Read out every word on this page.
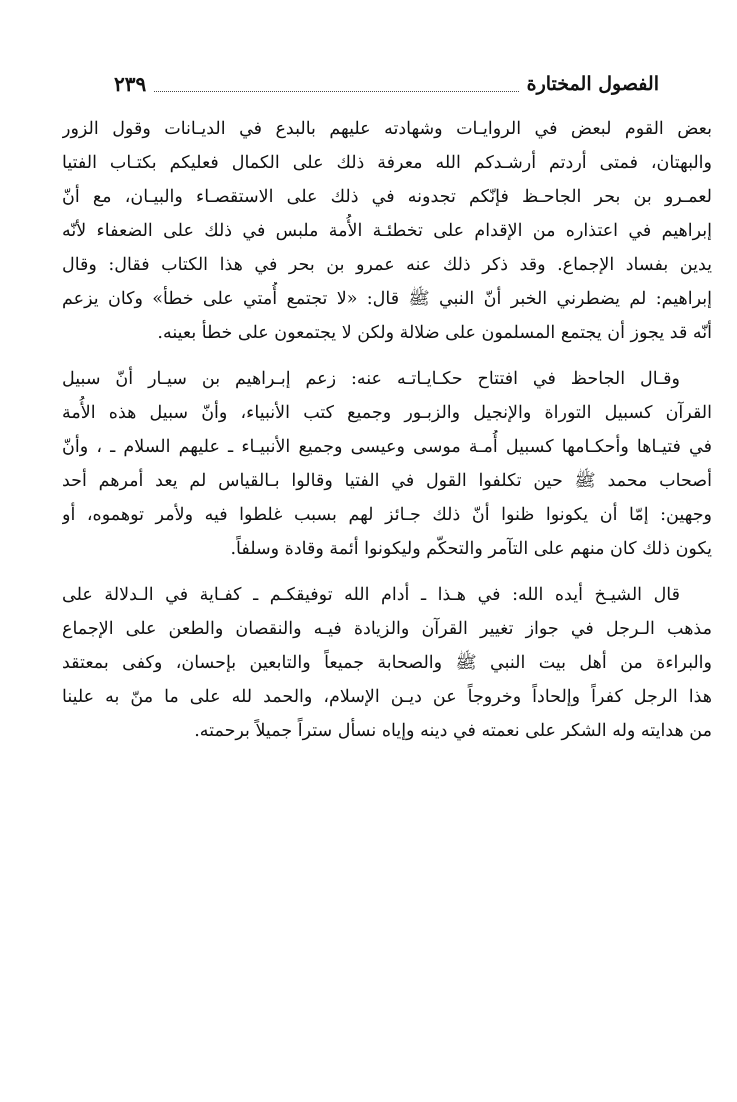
الفصول المختارة
٢٣٩
بعض القوم لبعض في الروايـات وشهادته عليهم بالبدع في الديـانات وقول الزور
والبهتان، فمتى أردتم أرشـدكم الله معرفة ذلك على الكمال فعليكم بكتـاب الفتيا
لعمـرو بن بحر الجاحـظ فإنّكم تجدونه في ذلك على الاستقصـاء والبيـان، مع أنّ
إبراهيم في اعتذاره من الإقدام على تخطئـة الأُمة ملبس في ذلك على الضعفاء لأنّه
يدين بفساد الإجماع. وقد ذكر ذلك عنه عمرو بن بحر في هذا الكتاب فقال: وقال
إبراهيم: لم يضطرني الخبر أنّ النبي ﷺ قال: «لا تجتمع أُمتي على خطأ» وكان يزعم
أنّه قد يجوز أن يجتمع المسلمون على ضلالة ولكن لا يجتمعون على خطأ بعينه.
وقـال الجاحظ في افتتاح حكـايـاتـه عنه: زعم إبـراهيم بن سيـار أنّ سبيل
القرآن كسبيل التوراة والإنجيل والزبـور وجميع كتب الأنبياء، وأنّ سبيل هذه الأُمة
في فتيـاها وأحكـامها كسبيل أُمـة موسى وعيسى وجميع الأنبيـاء ـ عليهم السلام ـ ، وأنّ
أصحاب محمد ﷺ حين تكلفوا القول في الفتيا وقالوا بـالقياس لم يعد أمرهم أحد
وجهين: إمّا أن يكونوا ظنوا أنّ ذلك جـائز لهم بسبب غلطوا فيه ولأمر توهموه، أو
يكون ذلك كان منهم على التآمر والتحكّم وليكونوا أئمة وقادة وسلفاً.
قال الشيـخ أيده الله: في هـذا ـ أدام الله توفيقكـم ـ كفـاية في الـدلالة على
مذهب الـرجل في جواز تغيير القرآن والزيادة فيـه والنقصان والطعن على الإجماع
والبراءة من أهل بيت النبي ﷺ والصحابة جميعاً والتابعين بإحسان، وكفى بمعتقد
هذا الرجل كفراً وإلحاداً وخروجاً عن ديـن الإسلام، والحمد لله على ما منّ به علينا
من هدايته وله الشكر على نعمته في دينه وإياه نسأل ستراً جميلاً برحمته.
